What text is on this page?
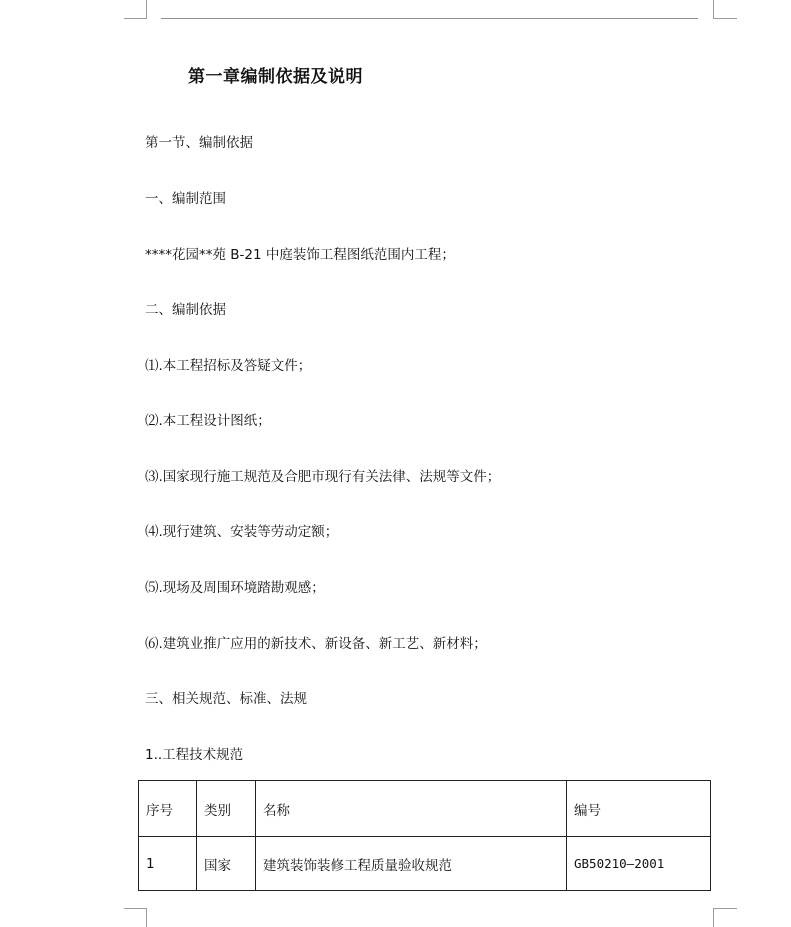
第一章编制依据及说明
第一节、编制依据
一、编制范围
****花园**苑 B-21 中庭装饰工程图纸范围内工程；
二、编制依据
⑴.本工程招标及答疑文件；
⑵.本工程设计图纸；
⑶.国家现行施工规范及合肥市现行有关法律、法规等文件；
⑷.现行建筑、安装等劳动定额；
⑸.现场及周围环境踏勘观感；
⑹.建筑业推广应用的新技术、新设备、新工艺、新材料；
三、相关规范、标准、法规
1..工程技术规范
序号	类别	名称	编号
1	国家	建筑装饰装修工程质量验收规范	GB50210—2001
